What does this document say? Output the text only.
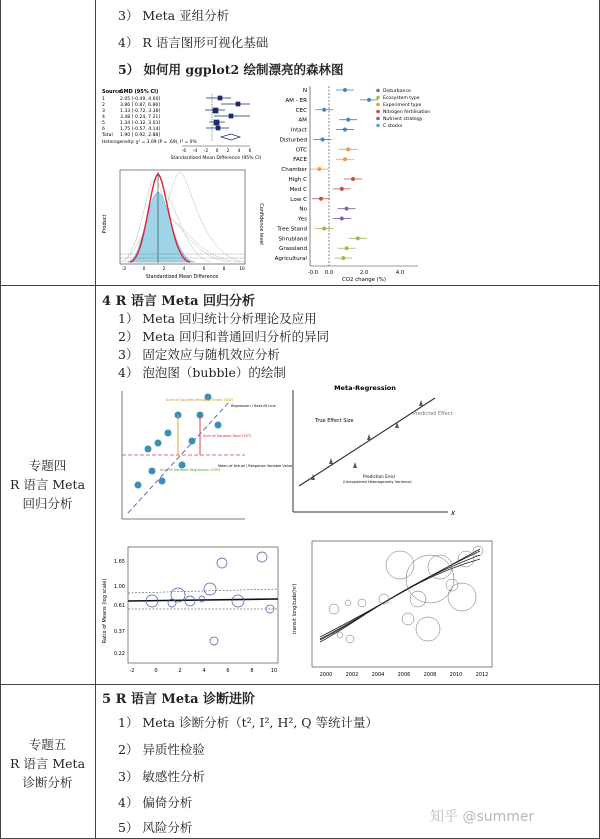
3） Meta 亚组分析
4） R 语言图形可视化基础
5） 如何用 ggplot2 绘制漂亮的森林图
Source
SMD (95% CI)
1	2.05 [-0.49, 4.60]
2	3.86 [ 0.87, 6.86]
3	1.33 [-0.72, 3.38]
4	3.48 [ 0.24, 7.21]
5	1.34 [-0.32, 3.01]
6	1.75 [-0.57, 4.14]
Total 1.90 [ 0.92, 2.88]
Heterogeneity: χ² = 3.09 (P = .69), I² = 0%
-6 -4 -2 0 2 4 6
Standardized Mean Difference (95% CI)
Product	Confidence level
-2	0	2	4	6	8	10
Standardized Mean Difference
N
AM - ER
CEC
AM
Intact
Disturbed
OTC
FACE
Chamber
High C
Med C
Low C
No
Yes
Tree Stand
Shrubland
Grassland
Agricultural
-0.0 0.0	2.0	4.0
CO2 change (%)
Disturbance
Ecosystem type
Experiment type
Nitrogen fertilisation
Nutrient strategy
C stocks
专题四
R 语言 Meta
回归分析
4 R 语言 Meta 回归分析
1） Meta 回归统计分析理论及应用
2） Meta 回归和普通回归分析的异同
3） 固定效应与随机效应分析
4） 泡泡图（bubble）的绘制
Sum of Squares Residual Errors (SSE)
Regression / Best-fit Line
Sum of Squares Total (SST)
Sum of Squares Regression (SSR)
Mean of Actual / Response Variable Value
Meta-Regression
x
True Effect Size
Predicted Effect
Prediction Error
(Unexplained Heterogeneity Variance)
Ratio of Means (log scale)
1.65
1.00
0.61
0.37
0.22
-2	0	2	4	6	8	10
transit longitude(hr)
2000	2002	2004	2006	2008	2010	2012
专题五
R 语言 Meta
诊断分析
5 R 语言 Meta 诊断进阶
1） Meta 诊断分析（t², I², H², Q 等统计量）
2） 异质性检验
3） 敏感性分析
4） 偏倚分析
5） 风险分析
知乎 @summer
